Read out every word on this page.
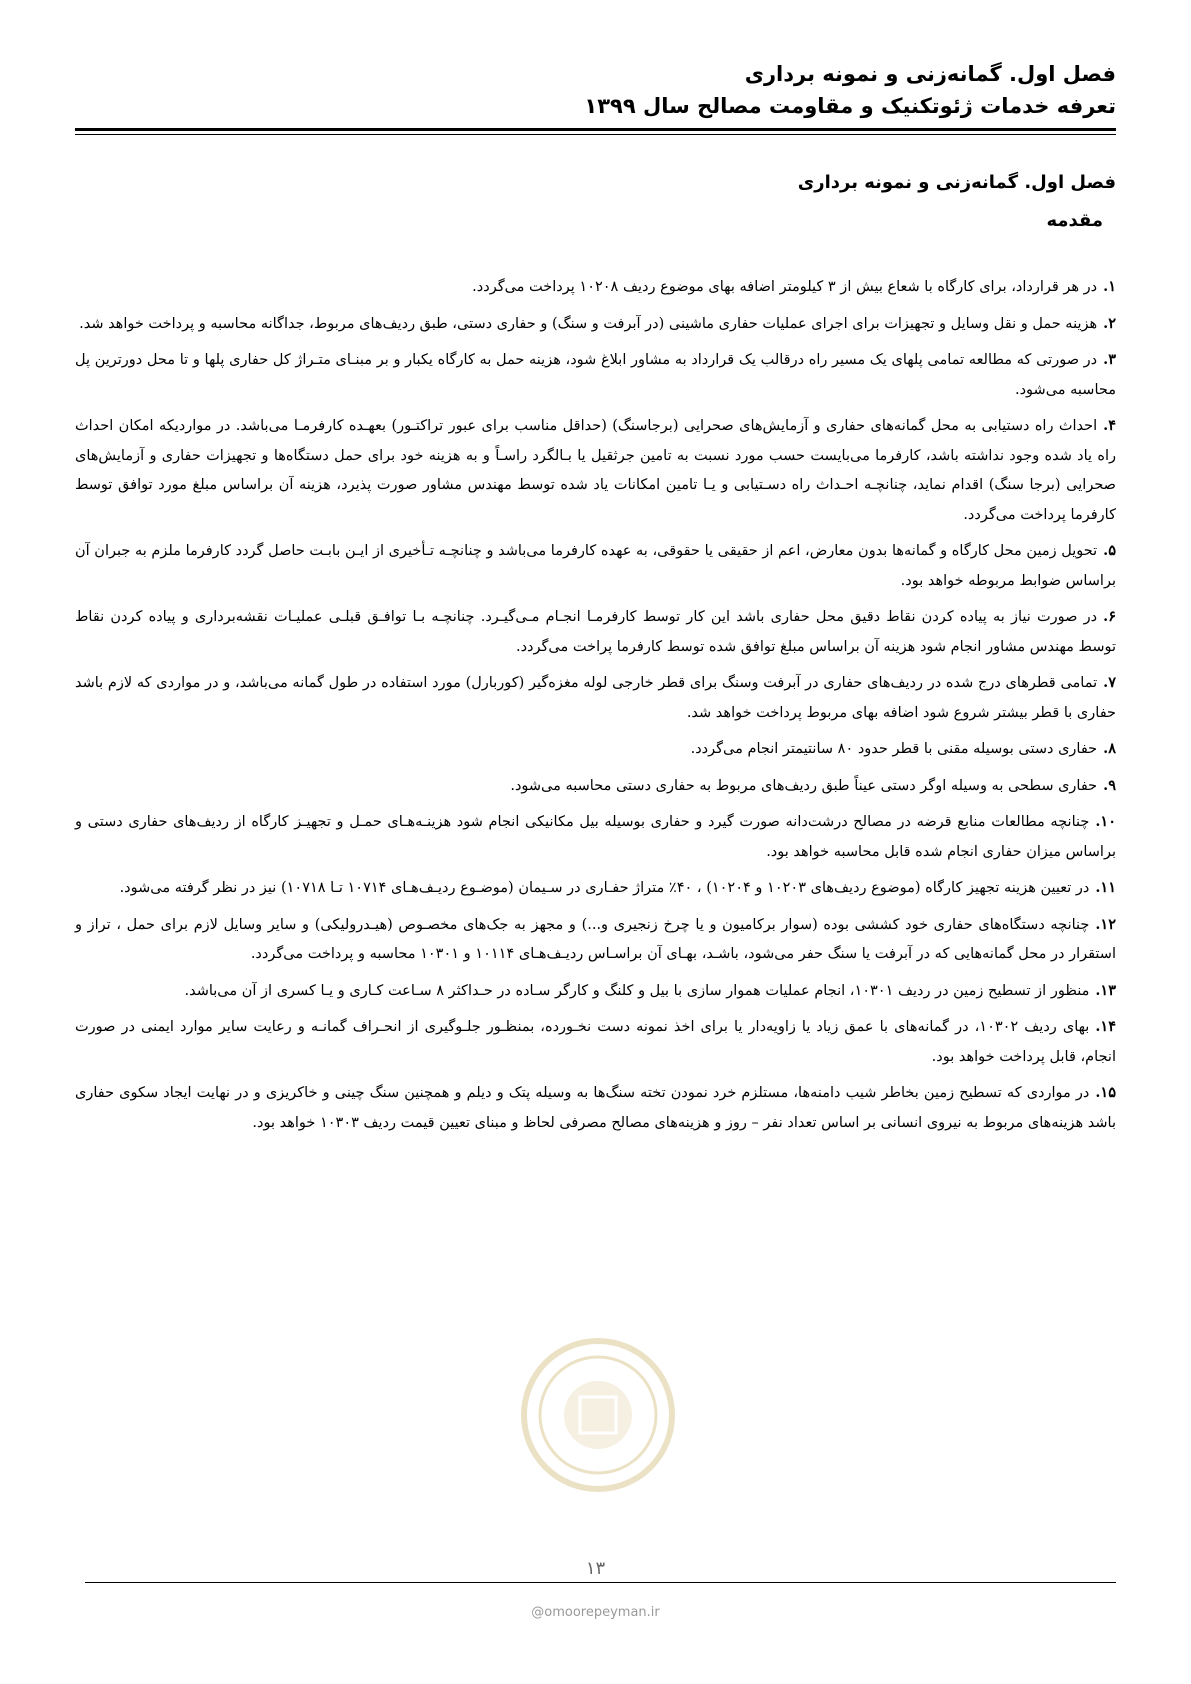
فصل اول. گمانه‌زنی و نمونه برداری
تعرفه خدمات ژئوتکنیک و مقاومت مصالح سال ۱۳۹۹
فصل اول. گمانه‌زنی و نمونه برداری
مقدمه

۱.در هر قرارداد، برای کارگاه با شعاع بیش از ۳ کیلومتر اضافه بهای موضوع ردیف ۱۰۲۰۸ پرداخت می‌گردد.

۲.هزینه حمل و نقل وسایل و تجهیزات برای اجرای عملیات حفاری ماشینی (در آبرفت و سنگ) و حفاری دستی، طبق ردیف‌های مربوط، جداگانه محاسبه و پرداخت خواهد شد.

۳.در صورتی که مطالعه تمامی پلهای یک مسیر راه درقالب یک قرارداد به مشاور ابلاغ شود، هزینه حمل به کارگاه یکبار و بر مبنـای متـراژ کل حفاری پلها و تا محل دورترین پل محاسبه می‌شود.

۴.احداث راه دستیابی به محل گمانه‌های حفاری و آزمایش‌های صحرایی (برجاسنگ) (حداقل مناسب برای عبور تراکتـور) بعهـده کارفرمـا می‌باشد. در مواردیکه امکان احداث راه یاد شده وجود نداشته باشد، کارفرما می‌بایست حسب مورد نسبت به تامین جرثقیل یا بـالگرد راسـاً و به هزینه خود برای حمل دستگاه‌ها و تجهیزات حفاری و آزمایش‌های صحرایی (برجا سنگ) اقدام نماید، چنانچـه احـداث راه دسـتیابی و یـا تامین امکانات یاد شده توسط مهندس مشاور صورت پذیرد، هزینه آن براساس مبلغ مورد توافق توسط کارفرما پرداخت می‌گردد.

۵.تحویل زمین محل کارگاه و گمانه‌ها بدون معارض، اعم از حقیقی یا حقوقی، به عهده کارفرما می‌باشد و چنانچـه تـأخیری از ایـن بابـت حاصل گردد کارفرما ملزم به جبران آن براساس ضوابط مربوطه خواهد بود.

۶.در صورت نیاز به پیاده کردن نقاط دقیق محل حفاری باشد این کار توسط کارفرمـا انجـام مـی‌گیـرد. چنانچـه بـا توافـق قبلـی عملیـات نقشه‌برداری و پیاده کردن نقاط توسط مهندس مشاور انجام شود هزینه آن براساس مبلغ توافق شده توسط کارفرما پراخت می‌گردد.

۷.تمامی قطرهای درج شده در ردیف‌های حفاری در آبرفت وسنگ برای قطر خارجی لوله مغزه‌گیر (کوربارل) مورد استفاده در طول گمانه می‌باشد، و در مواردی که لازم باشد حفاری با قطر بیشتر شروع شود اضافه بهای مربوط پرداخت خواهد شد.

۸.حفاری دستی بوسیله مقنی با قطر حدود ۸۰ سانتیمتر انجام می‌گردد.

۹.حفاری سطحی به وسیله اوگر دستی عیناً طبق ردیف‌های مربوط به حفاری دستی محاسبه می‌شود.

۱۰.چنانچه مطالعات منابع قرضه در مصالح درشت‌دانه صورت گیرد و حفاری بوسیله بیل مکانیکی انجام شود هزینـه‌هـای حمـل و تجهیـز کارگاه از ردیف‌های حفاری دستی و براساس میزان حفاری انجام شده قابل محاسبه خواهد بود.

۱۱.در تعیین هزینه تجهیز کارگاه (موضوع ردیف‌های ۱۰۲۰۳ و ۱۰۲۰۴) ، ۴۰٪ متراژ حفـاری در سـیمان (موضـوع ردیـف‌هـای ۱۰۷۱۴ تـا ۱۰۷۱۸) نیز در نظر گرفته می‌شود.

۱۲.چنانچه دستگاه‌های حفاری خود کششی بوده (سوار برکامیون و یا چرخ زنجیری و...) و مجهز به جک‌های مخصـوص (هیـدرولیکی) و سایر وسایل لازم برای حمل ، تراز و استقرار در محل گمانه‌هایی که در آبرفت یا سنگ حفر می‌شود، باشـد، بهـای آن براسـاس ردیـف‌هـای ۱۰۱۱۴ و ۱۰۳۰۱ محاسبه و پرداخت می‌گردد.

۱۳.منظور از تسطیح زمین در ردیف ۱۰۳۰۱، انجام عملیات هموار سازی با بیل و کلنگ و کارگر سـاده در حـداکثر ۸ سـاعت کـاری و یـا کسری از آن می‌باشد.

۱۴.بهای ردیف ۱۰۳۰۲، در گمانه‌های با عمق زیاد یا زاویه‌دار یا برای اخذ نمونه دست نخـورده، بمنظـور جلـوگیری از انحـراف گمانـه و رعایت سایر موارد ایمنی در صورت انجام، قابل پرداخت خواهد بود.

۱۵.در مواردی که تسطیح زمین بخاطر شیب دامنه‌ها، مستلزم خرد نمودن تخته سنگ‌ها به وسیله پتک و دیلم و همچنین سنگ چینی و خاکریزی و در نهایت ایجاد سکوی حفاری باشد هزینه‌های مربوط به نیروی انسانی بر اساس تعداد نفر – روز و هزینه‌های مصالح مصرفی لحاظ و مبنای تعیین قیمت ردیف ۱۰۳۰۳ خواهد بود.

۱۳
@omoorepeyman.ir
